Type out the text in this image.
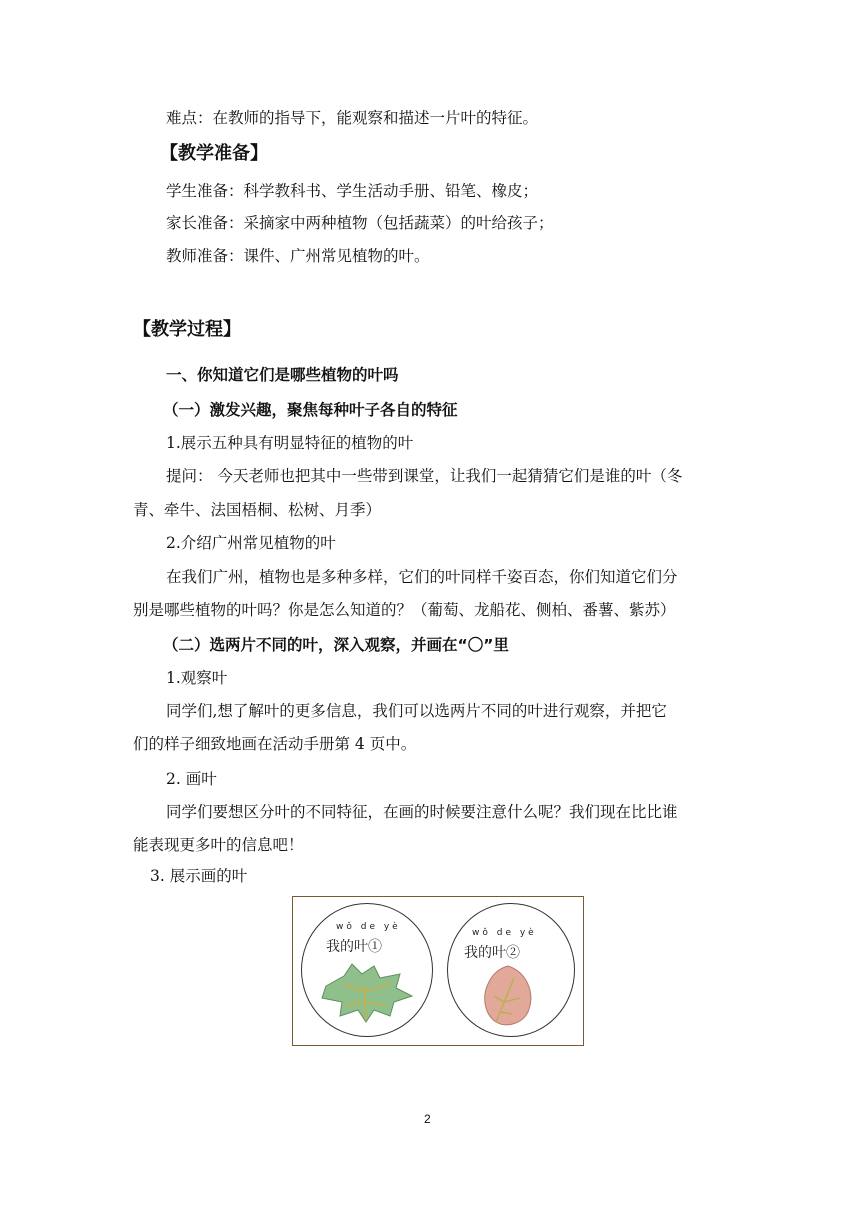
难点：在教师的指导下，能观察和描述一片叶的特征。
【教学准备】
学生准备：科学教科书、学生活动手册、铅笔、橡皮；
家长准备：采摘家中两种植物（包括蔬菜）的叶给孩子；
教师准备：课件、广州常见植物的叶。
【教学过程】
一、你知道它们是哪些植物的叶吗
（一）激发兴趣，聚焦每种叶子各自的特征
1.展示五种具有明显特征的植物的叶
提问： 今天老师也把其中一些带到课堂，让我们一起猜猜它们是谁的叶（冬
青、牵牛、法国梧桐、松树、月季）
2.介绍广州常见植物的叶
在我们广州，植物也是多种多样，它们的叶同样千姿百态，你们知道它们分
别是哪些植物的叶吗？你是怎么知道的？（葡萄、龙船花、侧柏、番薯、紫苏）
（二）选两片不同的叶，深入观察，并画在“〇”里
1.观察叶
同学们,想了解叶的更多信息，我们可以选两片不同的叶进行观察，并把它
们的样子细致地画在活动手册第 4 页中。
2. 画叶
同学们要想区分叶的不同特征，在画的时候要注意什么呢？我们现在比比谁
能表现更多叶的信息吧！
3. 展示画的叶
wǒ de yè
我的叶①
wǒ de yè
我的叶②
2
